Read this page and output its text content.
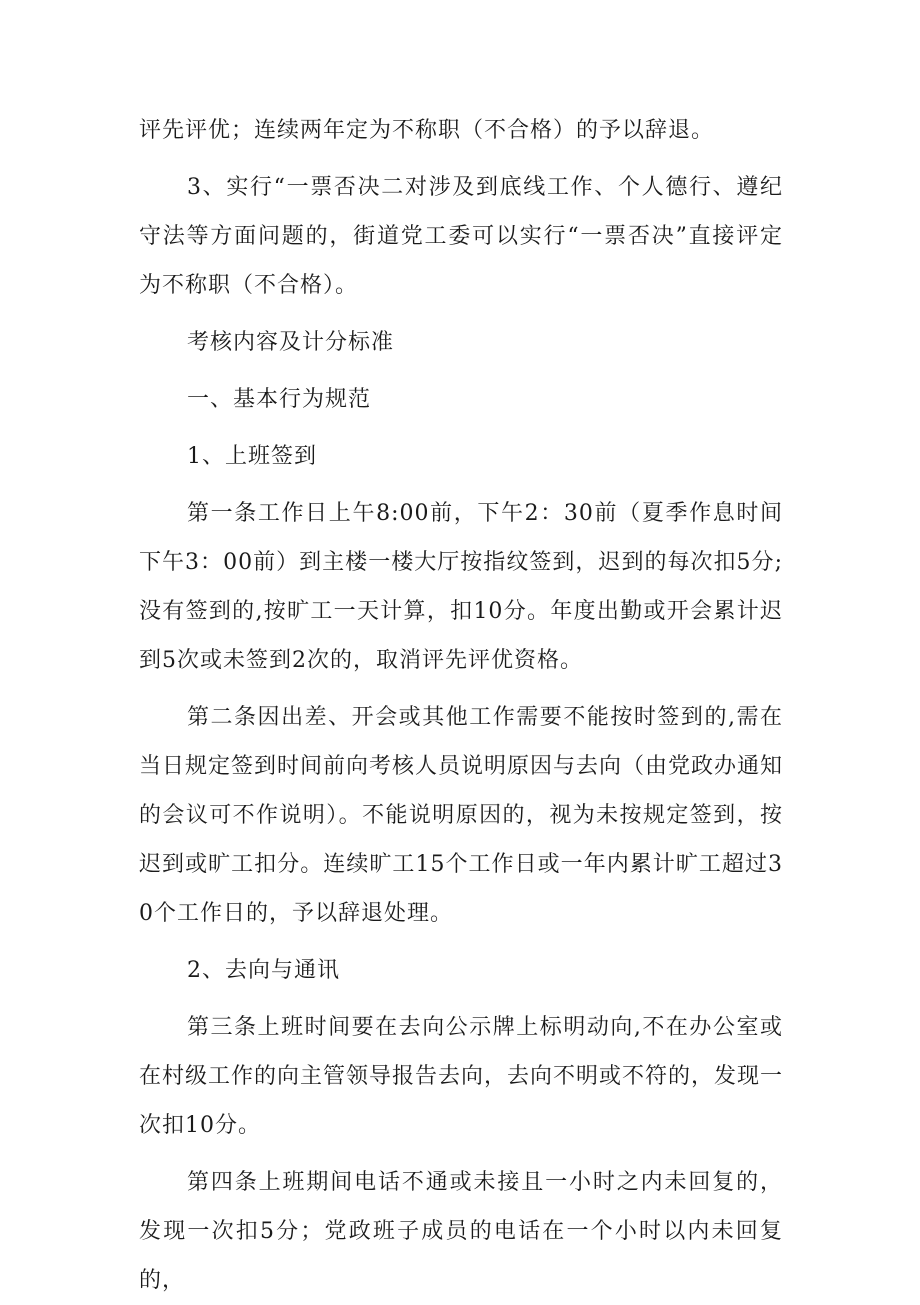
评先评优；连续两年定为不称职（不合格）的予以辞退。

3、实行“一票否决二对涉及到底线工作、个人德行、遵纪守法等方面问题的，街道党工委可以实行“一票否决”直接评定为不称职（不合格）。

考核内容及计分标准

一、基本行为规范

1、上班签到

第一条工作日上午8:00前，下午2：30前（夏季作息时间下午3：00前）到主楼一楼大厅按指纹签到，迟到的每次扣5分;没有签到的,按旷工一天计算，扣10分。年度出勤或开会累计迟到5次或未签到2次的，取消评先评优资格。

第二条因出差、开会或其他工作需要不能按时签到的,需在当日规定签到时间前向考核人员说明原因与去向（由党政办通知的会议可不作说明）。不能说明原因的，视为未按规定签到，按迟到或旷工扣分。连续旷工15个工作日或一年内累计旷工超过30个工作日的，予以辞退处理。

2、去向与通讯

第三条上班时间要在去向公示牌上标明动向,不在办公室或在村级工作的向主管领导报告去向，去向不明或不符的，发现一次扣10分。

第四条上班期间电话不通或未接且一小时之内未回复的，发现一次扣5分；党政班子成员的电话在一个小时以内未回复的，
